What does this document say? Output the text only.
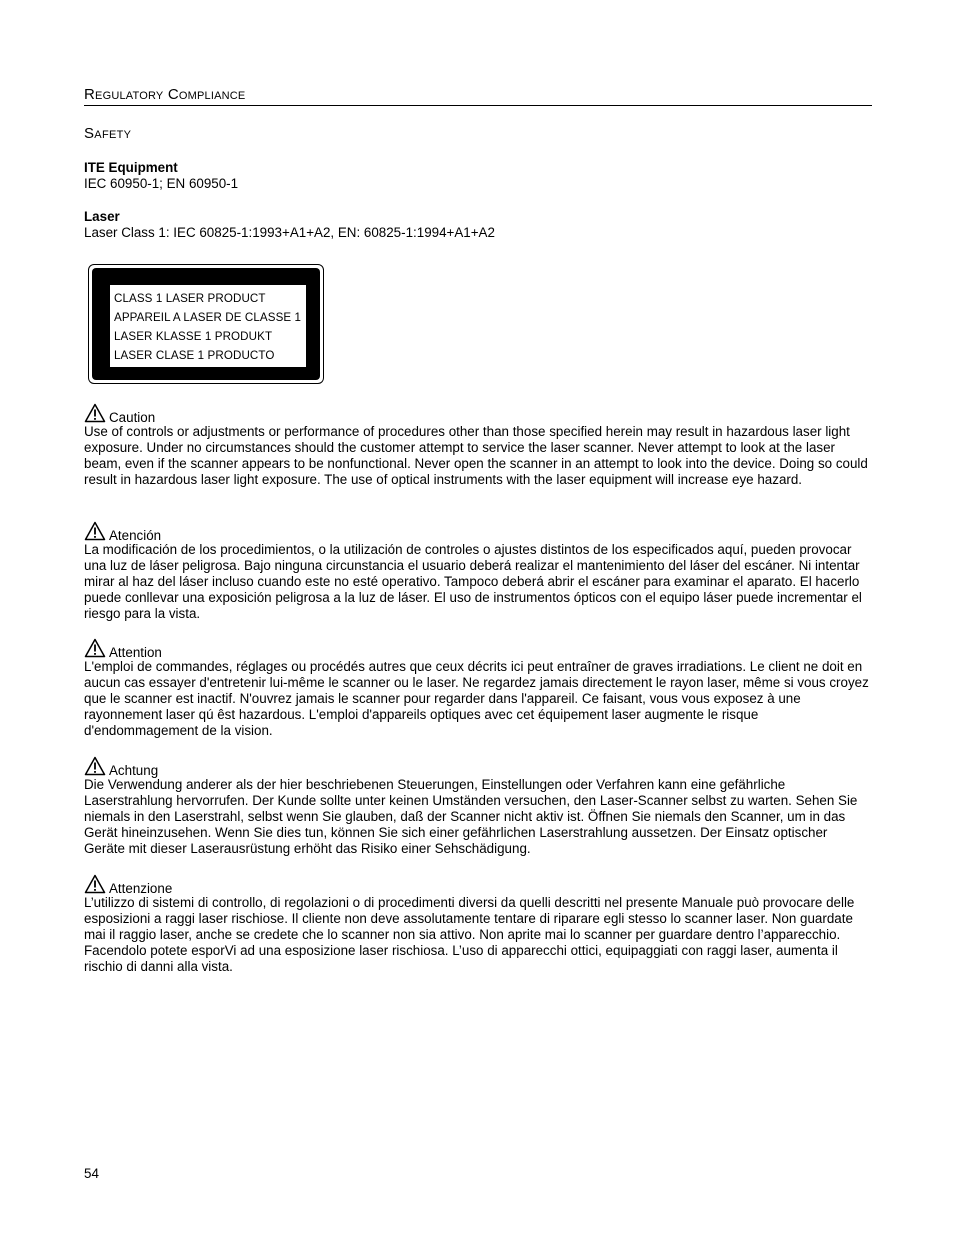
Regulatory Compliance
Safety
ITE Equipment
IEC 60950-1; EN 60950-1
Laser
Laser Class 1: IEC 60825-1:1993+A1+A2, EN: 60825-1:1994+A1+A2
CLASS 1 LASER PRODUCT
APPAREIL A LASER DE CLASSE 1
LASER KLASSE 1 PRODUKT
LASER CLASE 1 PRODUCTO
Caution
Use of controls or adjustments or performance of procedures other than those specified herein may result in hazardous laser light exposure. Under no circumstances should the customer attempt to service the laser scanner. Never attempt to look at the laser beam, even if the scanner appears to be nonfunctional. Never open the scanner in an attempt to look into the device. Doing so could result in hazardous laser light exposure. The use of optical instruments with the laser equipment will increase eye hazard.
Atención
La modificación de los procedimientos, o la utilización de controles o ajustes distintos de los especificados aquí, pueden provocar una luz de láser peligrosa. Bajo ninguna circunstancia el usuario deberá realizar el mantenimiento del láser del escáner. Ni intentar mirar al haz del láser incluso cuando este no esté operativo. Tampoco deberá abrir el escáner para examinar el aparato. El hacerlo puede conllevar una exposición peligrosa a la luz de láser. El uso de instrumentos ópticos con el equipo láser puede incrementar el riesgo para la vista.
Attention
L'emploi de commandes, réglages ou procédés autres que ceux décrits ici peut entraîner de graves irradiations. Le client ne doit en aucun cas essayer d'entretenir lui-même le scanner ou le laser. Ne regardez jamais directement le rayon laser, même si vous croyez que le scanner est inactif. N'ouvrez jamais le scanner pour regarder dans l'appareil. Ce faisant, vous vous exposez à une rayonnement laser qú êst hazardous. L'emploi d'appareils optiques avec cet équipement laser augmente le risque d'endommagement de la vision.
Achtung
Die Verwendung anderer als der hier beschriebenen Steuerungen, Einstellungen oder Verfahren kann eine gefährliche Laserstrahlung hervorrufen. Der Kunde sollte unter keinen Umständen versuchen, den Laser-Scanner selbst zu warten. Sehen Sie niemals in den Laserstrahl, selbst wenn Sie glauben, daß der Scanner nicht aktiv ist. Öffnen Sie niemals den Scanner, um in das Gerät hineinzusehen. Wenn Sie dies tun, können Sie sich einer gefährlichen Laserstrahlung aussetzen. Der Einsatz optischer Geräte mit dieser Laserausrüstung erhöht das Risiko einer Sehschädigung.
Attenzione
L’utilizzo di sistemi di controllo, di regolazioni o di procedimenti diversi da quelli descritti nel presente Manuale può provocare delle esposizioni a raggi laser rischiose. Il cliente non deve assolutamente tentare di riparare egli stesso lo scanner laser. Non guardate mai il raggio laser, anche se credete che lo scanner non sia attivo. Non aprite mai lo scanner per guardare dentro l’apparecchio. Facendolo potete esporVi ad una esposizione laser rischiosa. L’uso di apparecchi ottici, equipaggiati con raggi laser, aumenta il rischio di danni alla vista.
54
